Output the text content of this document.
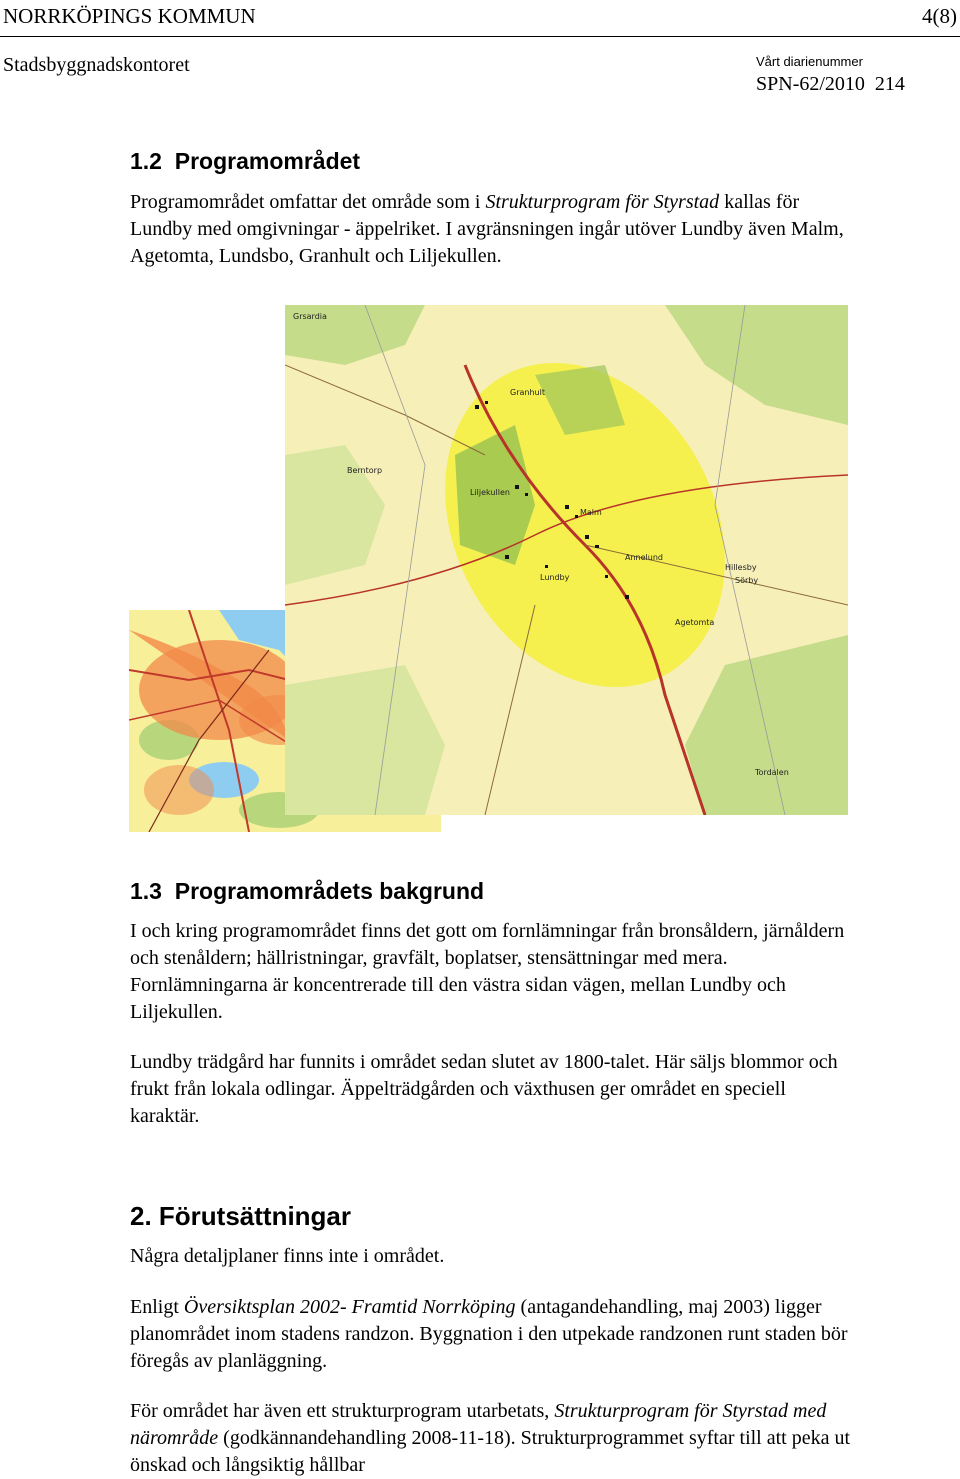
NORRKÖPINGS KOMMUN	4(8)
Stadsbyggnadskontoret	Vårt diarienummer
SPN-62/2010  214
1.2  Programområdet

Programområdet omfattar det område som i Strukturprogram för Styrstad kallas för Lundby med omgivningar - äppelriket. I avgränsningen ingår utöver Lundby även Malm, Agetomta, Lundsbo, Granhult och Liljekullen.

Grsardia
Berntorp
Malm
Lundby
Agetomta
Annelund
Hillesby
Sörby
Granhult
Liljekullen
Tordalen
1.3  Programområdets bakgrund

I och kring programområdet finns det gott om fornlämningar från bronsåldern, järnåldern och stenåldern; hällristningar, gravfält, boplatser, stensättningar med mera. Fornlämningarna är koncentrerade till den västra sidan vägen, mellan Lundby och Liljekullen.

Lundby trädgård har funnits i området sedan slutet av 1800-talet. Här säljs blommor och frukt från lokala odlingar. Äppelträdgården och växthusen ger området en speciell karaktär.

2. Förutsättningar

Några detaljplaner finns inte i området.

Enligt Översiktsplan 2002- Framtid Norrköping (antagandehandling, maj 2003) ligger planområdet inom stadens randzon. Byggnation i den utpekade randzonen runt staden bör föregås av planläggning.

För området har även ett strukturprogram utarbetats, Strukturprogram för Styrstad med närområde (godkännandehandling 2008-11-18). Strukturprogrammet syftar till att peka ut önskad och långsiktig hållbar
